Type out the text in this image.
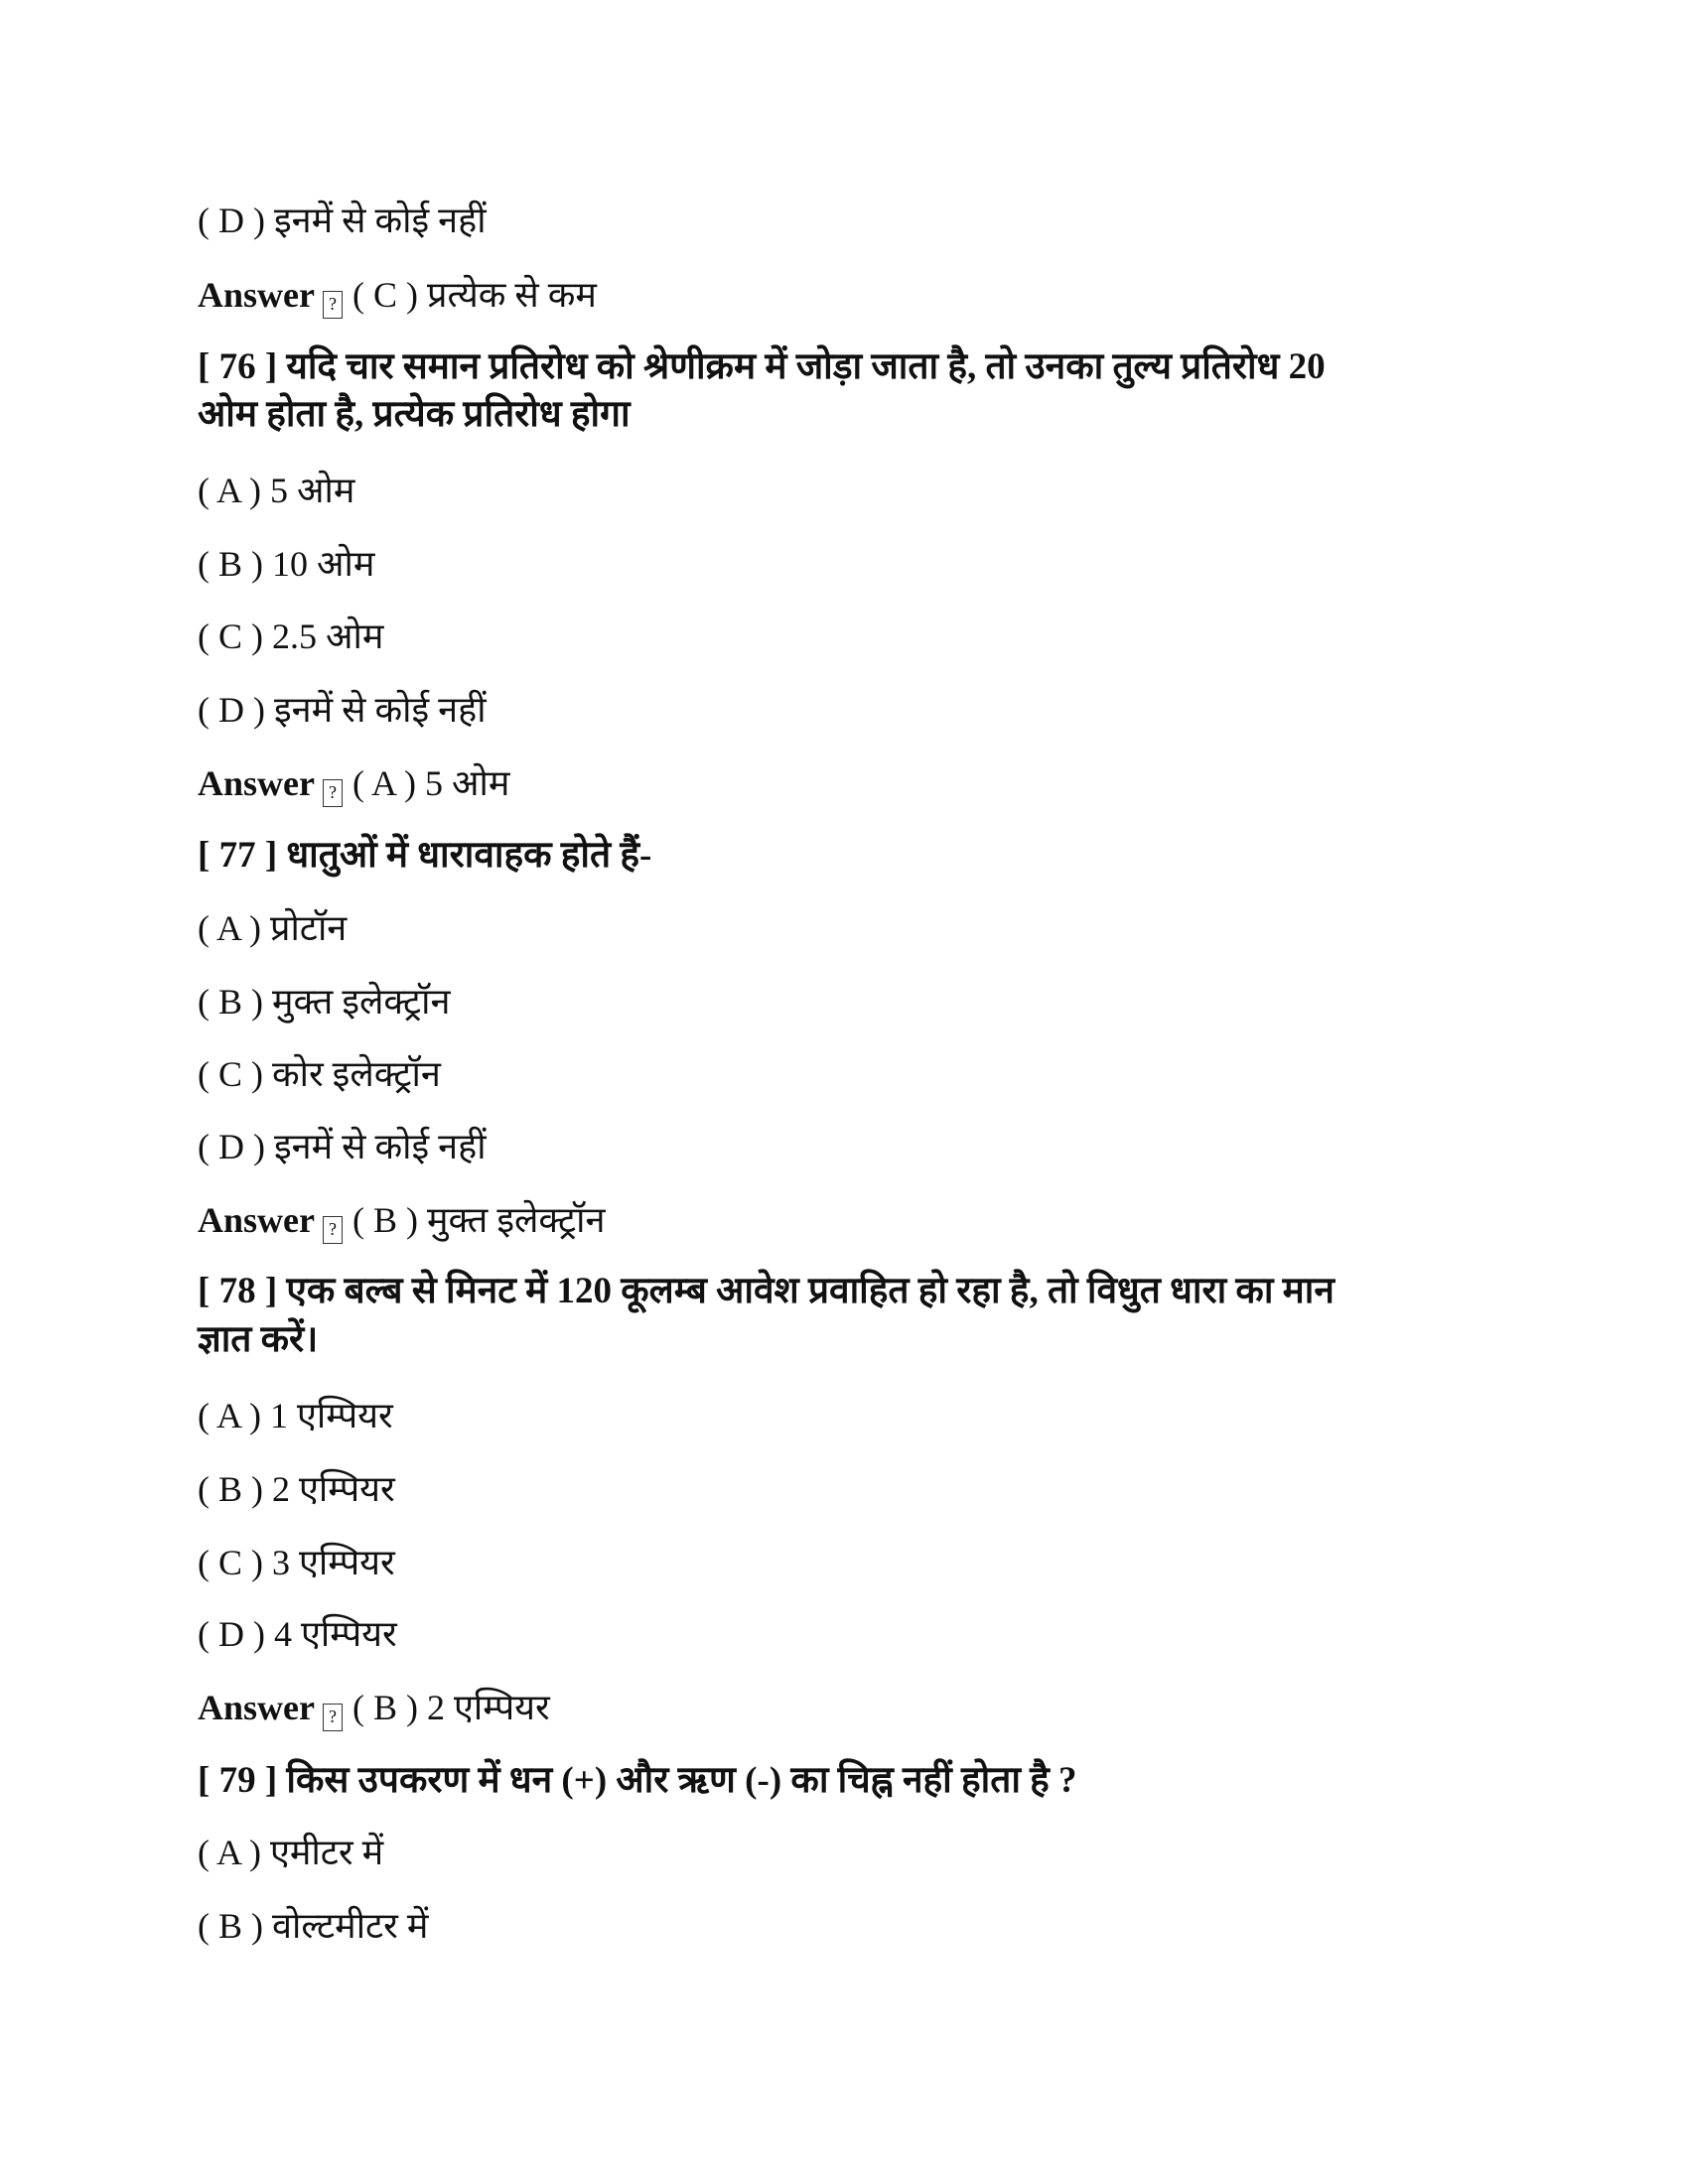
( D ) इनमें से कोई नहीं
Answer ? ( C ) प्रत्येक से कम
[ 76 ] यदि चार समान प्रतिरोध को श्रेणीक्रम में जोड़ा जाता है, तो उनका तुल्य प्रतिरोध 20
ओम होता है, प्रत्येक प्रतिरोध होगा
( A ) 5 ओम
( B ) 10 ओम
( C ) 2.5 ओम
( D ) इनमें से कोई नहीं
Answer ? ( A ) 5 ओम
[ 77 ] धातुओं में धारावाहक होते हैं-
( A ) प्रोटॉन
( B ) मुक्त इलेक्ट्रॉन
( C ) कोर इलेक्ट्रॉन
( D ) इनमें से कोई नहीं
Answer ? ( B ) मुक्त इलेक्ट्रॉन
[ 78 ] एक बल्ब से मिनट में 120 कूलम्ब आवेश प्रवाहित हो रहा है, तो विधुत धारा का मान
ज्ञात करें।
( A ) 1 एम्पियर
( B ) 2 एम्पियर
( C ) 3 एम्पियर
( D ) 4 एम्पियर
Answer ? ( B ) 2 एम्पियर
[ 79 ] किस उपकरण में धन (+) और ऋण (-) का चिह्न नहीं होता है ?
( A ) एमीटर में
( B ) वोल्टमीटर में
